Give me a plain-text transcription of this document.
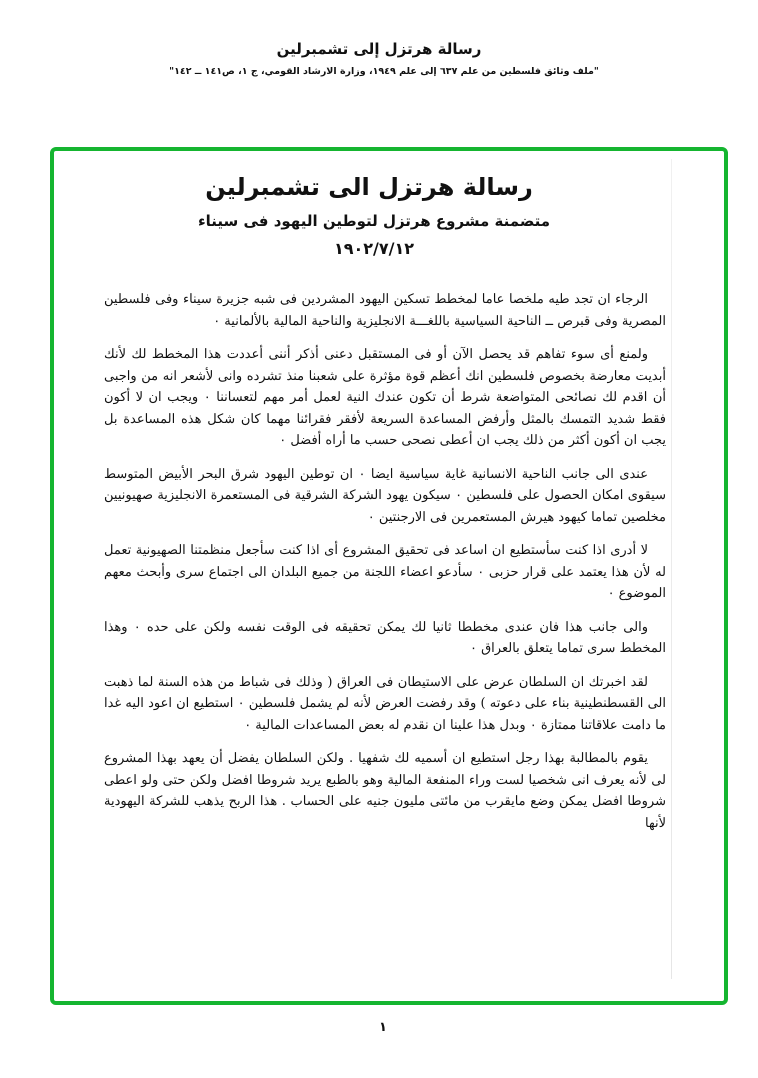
رسالة هرتزل إلى تشمبرلين
"ملف وثائق فلسطين من علم ٦٣٧ إلى علم ١٩٤٩، وزارة الارشاد القومي، ج ١، ص١٤١ ــ ١٤٢"
رسالة هرتزل الى تشمبرلين
متضمنة مشروع هرتزل لتوطين اليهود فى سيناء
١٩٠٢/٧/١٢

الرجاء ان تجد طيه ملخصا عاما لمخطط تسكين اليهود المشردين فى شبه جزيرة سيناء وفى فلسطين المصرية وفى قبرص ــ الناحية السياسية باللغـــة الانجليزية والناحية المالية بالألمانية ٠

ولمنع أى سوء تفاهم قد يحصل الآن أو فى المستقبل دعنى أذكر أننى أعددت هذا المخطط لك لأنك أبديت معارضة بخصوص فلسطين انك أعظم قوة مؤثرة على شعبنا منذ تشرده وانى لأشعر انه من واجبى أن اقدم لك نصائحى المتواضعة شرط أن تكون عندك النية لعمل أمر مهم لتعساننا ٠ ويجب ان لا أكون فقط شديد التمسك بالمثل وأرفض المساعدة السريعة لأفقر فقرائنا مهما كان شكل هذه المساعدة بل يجب ان أكون أكثر من ذلك يجب ان أعطى نصحى حسب ما أراه أفضل ٠

عندى الى جانب الناحية الانسانية غاية سياسية ايضا ٠ ان توطين اليهود شرق البحر الأبيض المتوسط سيقوى امكان الحصول على فلسطين ٠ سيكون يهود الشركة الشرقية فى المستعمرة الانجليزية صهيونيين مخلصين تماما كيهود هيرش المستعمرين فى الارجنتين ٠

لا أدرى اذا كنت سأستطيع ان اساعد فى تحقيق المشروع أى اذا كنت سأجعل منظمتنا الصهيونية تعمل له لأن هذا يعتمد على قرار حزبى ٠ سأدعو اعضاء اللجنة من جميع البلدان الى اجتماع سرى وأبحث معهم الموضوع ٠

والى جانب هذا فان عندى مخططا ثانيا لك يمكن تحقيقه فى الوقت نفسه ولكن على حده ٠ وهذا المخطط سرى تماما يتعلق بالعراق ٠

لقد اخبرتك ان السلطان عرض على الاستيطان فى العراق ( وذلك فى شباط من هذه السنة لما ذهبت الى القسطنطينية بناء على دعوته ) وقد رفضت العرض لأنه لم يشمل فلسطين ٠ استطيع ان اعود اليه غدا ما دامت علاقاتنا ممتازة ٠ وبدل هذا علينا ان نقدم له بعض المساعدات المالية ٠

يقوم بالمطالبة بهذا رجل استطيع ان أسميه لك شفهيا . ولكن السلطان يفضل أن يعهد بهذا المشروع لى لأنه يعرف انى شخصيا لست وراء المنفعة المالية وهو بالطبع يريد شروطا افضل ولكن حتى ولو اعطى شروطا افضل يمكن وضع مايقرب من مائتى مليون جنيه على الحساب . هذا الربح يذهب للشركة اليهودية لأنها

١
